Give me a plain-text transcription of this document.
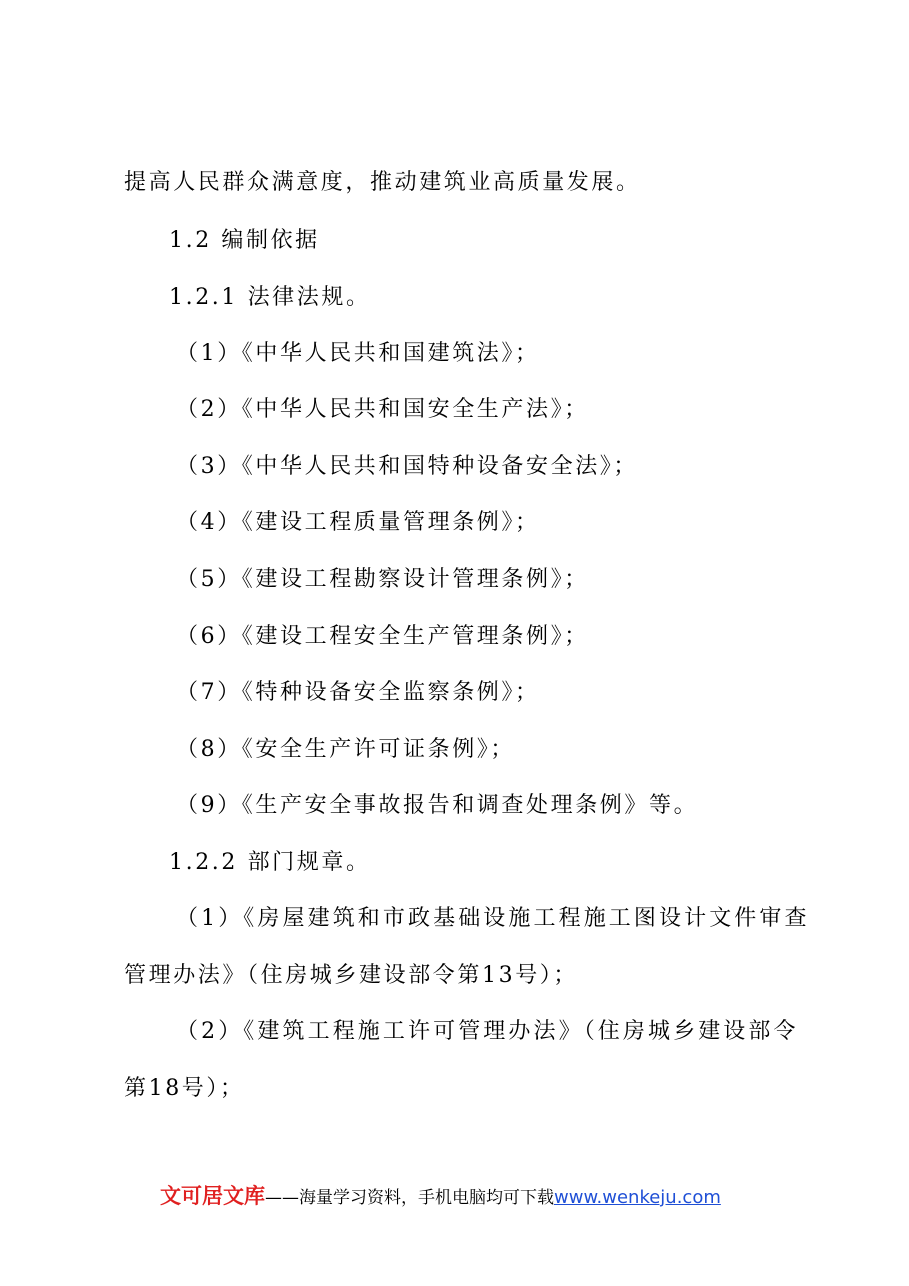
提高人民群众满意度，推动建筑业高质量发展。
1.2 编制依据
1.2.1 法律法规。
（1）《中华人民共和国建筑法》；
（2）《中华人民共和国安全生产法》；
（3）《中华人民共和国特种设备安全法》；
（4）《建设工程质量管理条例》；
（5）《建设工程勘察设计管理条例》；
（6）《建设工程安全生产管理条例》；
（7）《特种设备安全监察条例》；
（8）《安全生产许可证条例》；
（9）《生产安全事故报告和调查处理条例》等。
1.2.2 部门规章。
（1）《房屋建筑和市政基础设施工程施工图设计文件审查
管理办法》（住房城乡建设部令第13号）；
（2）《建筑工程施工许可管理办法》（住房城乡建设部令
第18号）；
文可居文库——海量学习资料，手机电脑均可下载www.wenkeju.com
